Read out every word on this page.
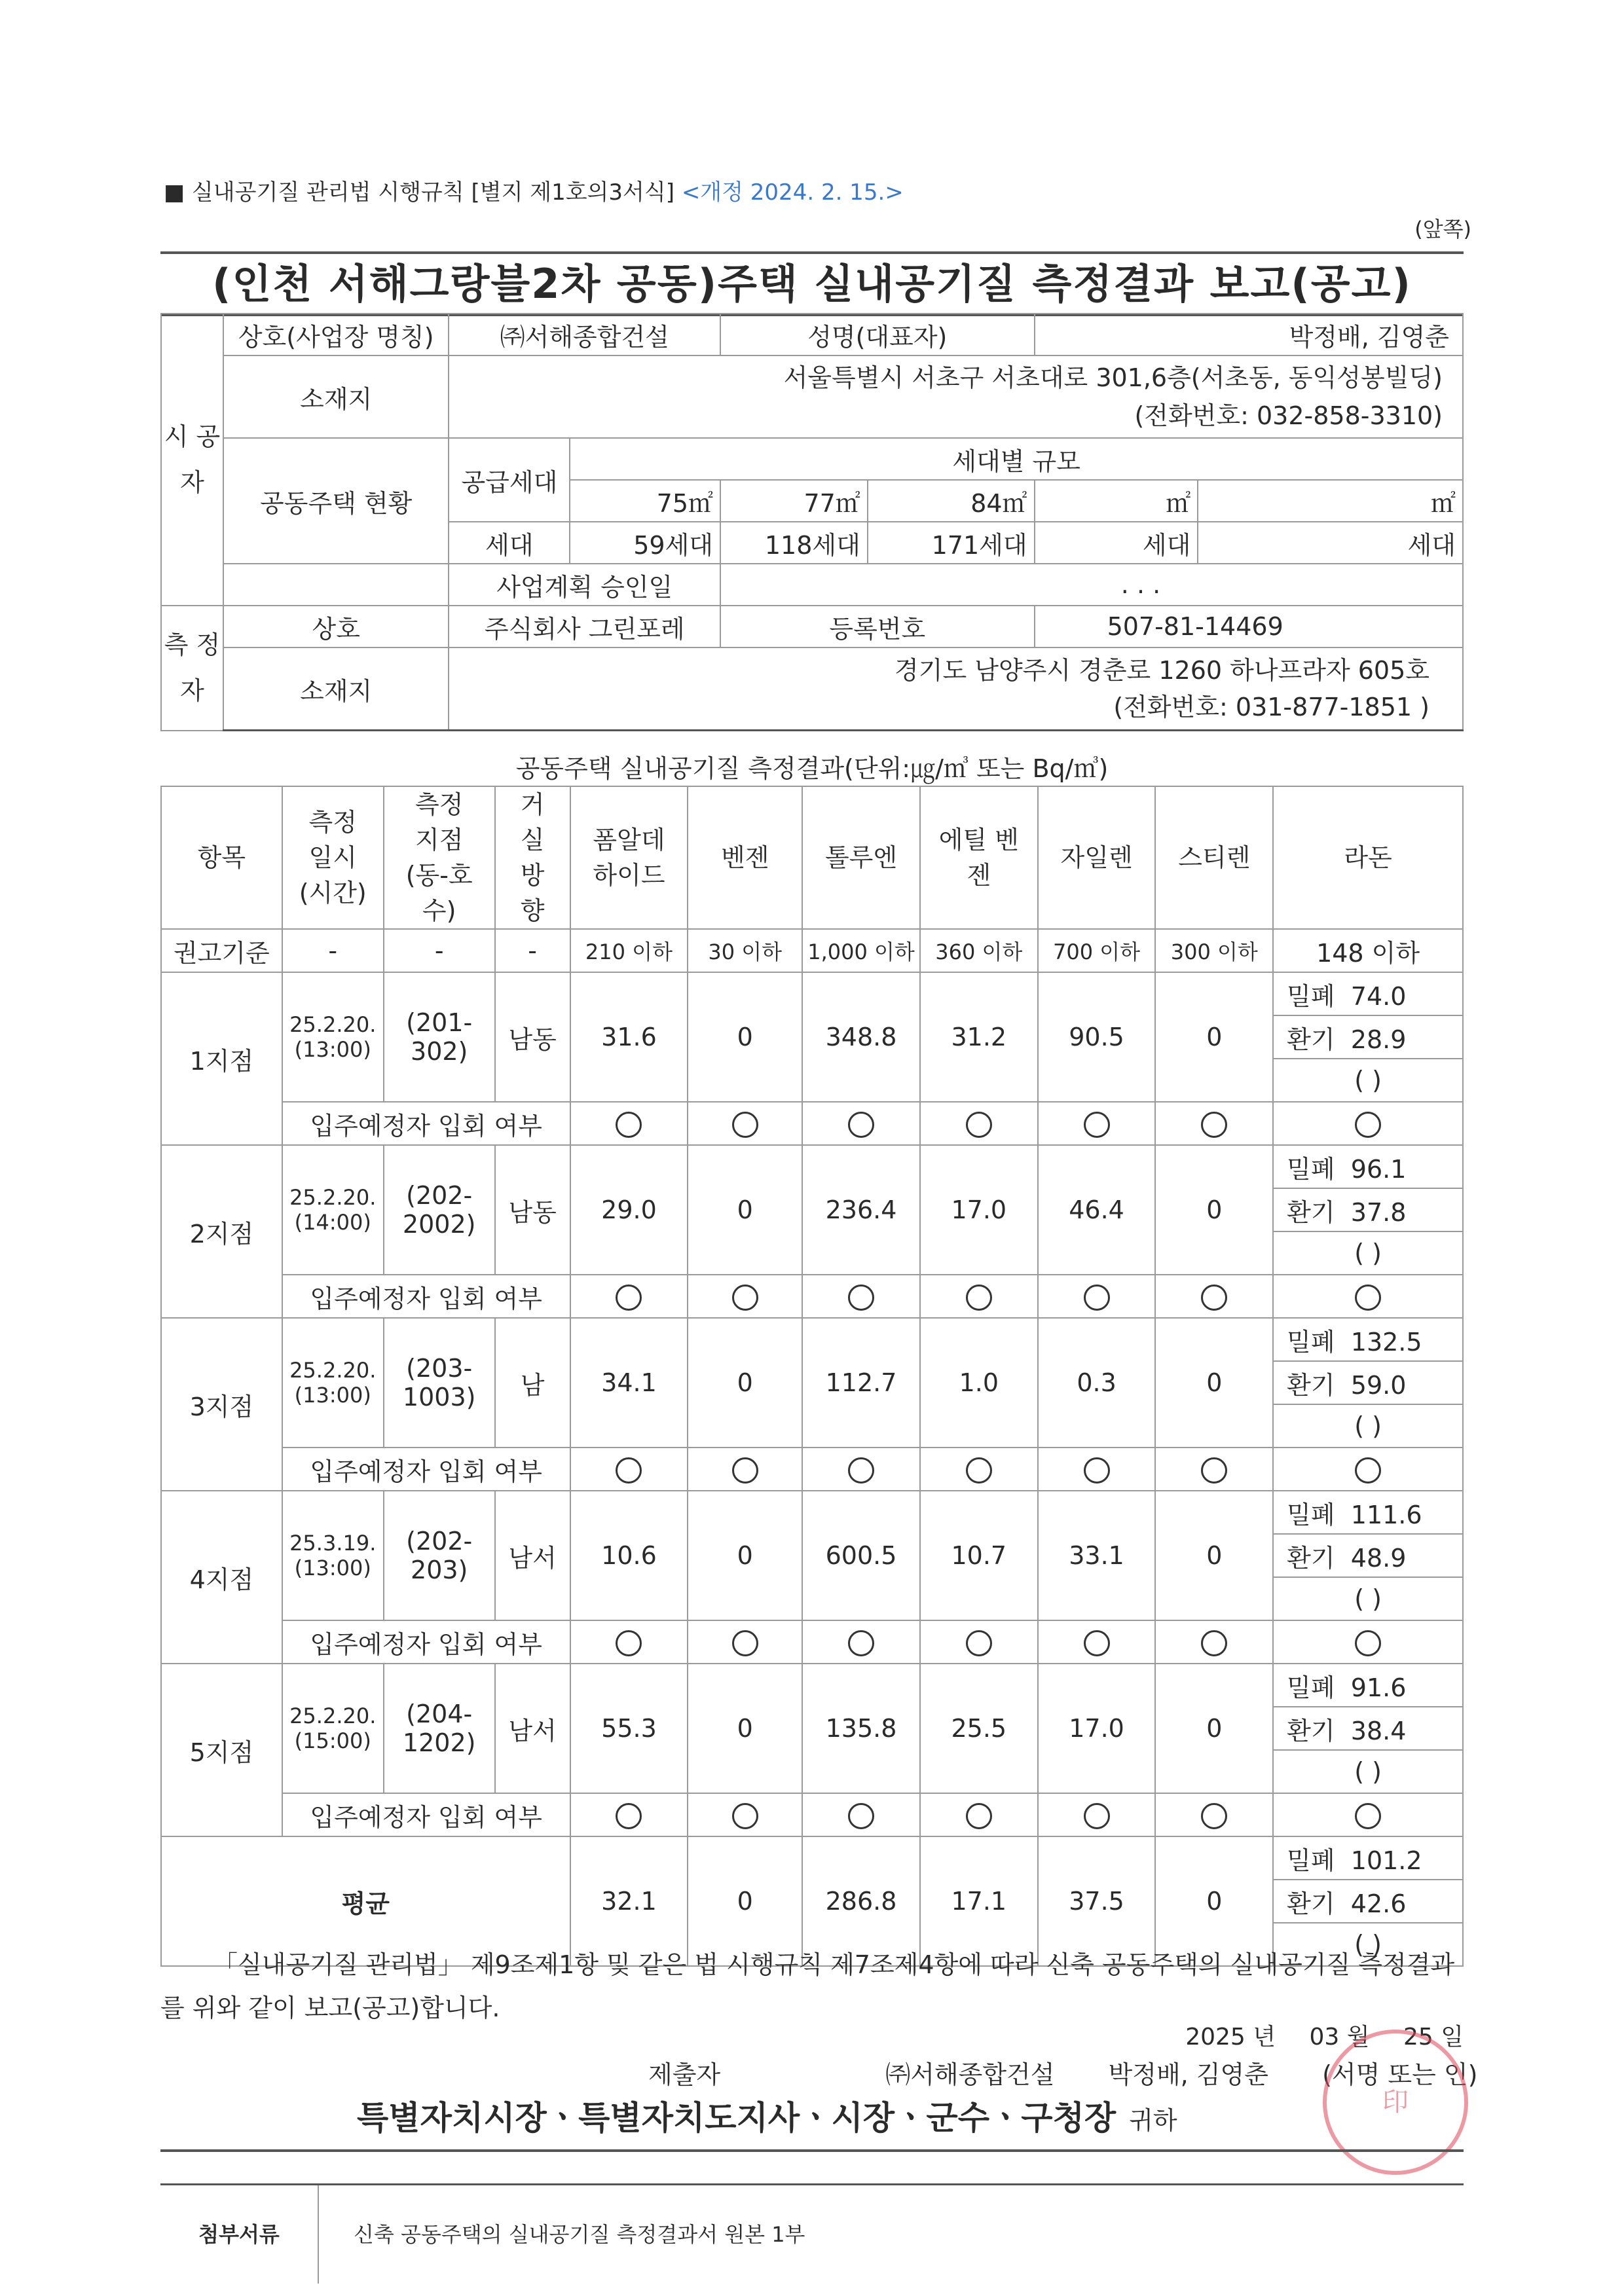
■ 실내공기질 관리법 시행규칙 [별지 제1호의3서식] <개정 2024. 2. 15.>
(앞쪽)
(인천 서해그랑블2차 공동)주택 실내공기질 측정결과 보고(공고)
시 공 자	상호(사업장 명칭)	㈜서해종합건설		성명(대표자)		박정배, 김영춘	
	소재지	서울특별시 서초구 서초대로 301,6층(서초동, 동익성봉빌딩)
(전화번호: 032-858-3310)					

	공동주택 현황	공급세대	세대별 규모				
			75㎡	77㎡	84㎡	㎡	㎡
		세대	59세대	118세대	171세대	세대	세대
		사업계획 승인일		. . .			
측 정 자	상호	주식회사 그린포레		등록번호		507-81-14469	
	소재지	경기도 남양주시 경춘로 1260 하나프라자 605호
(전화번호: 031-877-1851 )					
공동주택 실내공기질 측정결과(단위:㎍/㎥ 또는 Bq/㎥)
항목	측정 일시 (시간)	측정 지점 (동-호수)	거실 방향	폼알데 하이드	벤젠	톨루엔	에틸 벤젠	자일렌	스티렌	라돈
권고기준	-	-	-	210 이하	30 이하	1,000 이하	360 이하	700 이하	300 이하	148 이하
1지점	25.2.20. (13:00)	(201- 302)	남동	31.6	0	348.8	31.2	90.5	0	밀폐 74.0
										환기 28.9
										( )
	입주예정자 입회 여부									
2지점	25.2.20. (14:00)	(202- 2002)	남동	29.0	0	236.4	17.0	46.4	0	밀폐 96.1
										환기 37.8
										( )
	입주예정자 입회 여부									
3지점	25.2.20. (13:00)	(203- 1003)	남	34.1	0	112.7	1.0	0.3	0	밀폐 132.5
										환기 59.0
										( )
	입주예정자 입회 여부									
4지점	25.3.19. (13:00)	(202- 203)	남서	10.6	0	600.5	10.7	33.1	0	밀폐 111.6
										환기 48.9
										( )
	입주예정자 입회 여부									
5지점	25.2.20. (15:00)	(204- 1202)	남서	55.3	0	135.8	25.5	17.0	0	밀폐 91.6
										환기 38.4
										( )
	입주예정자 입회 여부									
평균				32.1	0	286.8	17.1	37.5	0	밀폐 101.2
										환기 42.6
										( )
「실내공기질 관리법」 제9조제1항 및 같은 법 시행규칙 제7조제4항에 따라 신축 공동주택의 실내공기질 측정결과를 위와 같이 보고(공고)합니다.
2025 년 03 월 25 일
제출자	㈜서해종합건설 박정배, 김영춘 (서명 또는 인)
특별자치시장ㆍ특별자치도지사ㆍ시장ㆍ군수ㆍ구청장 귀하
印
첨부서류	신축 공동주택의 실내공기질 측정결과서 원본 1부
